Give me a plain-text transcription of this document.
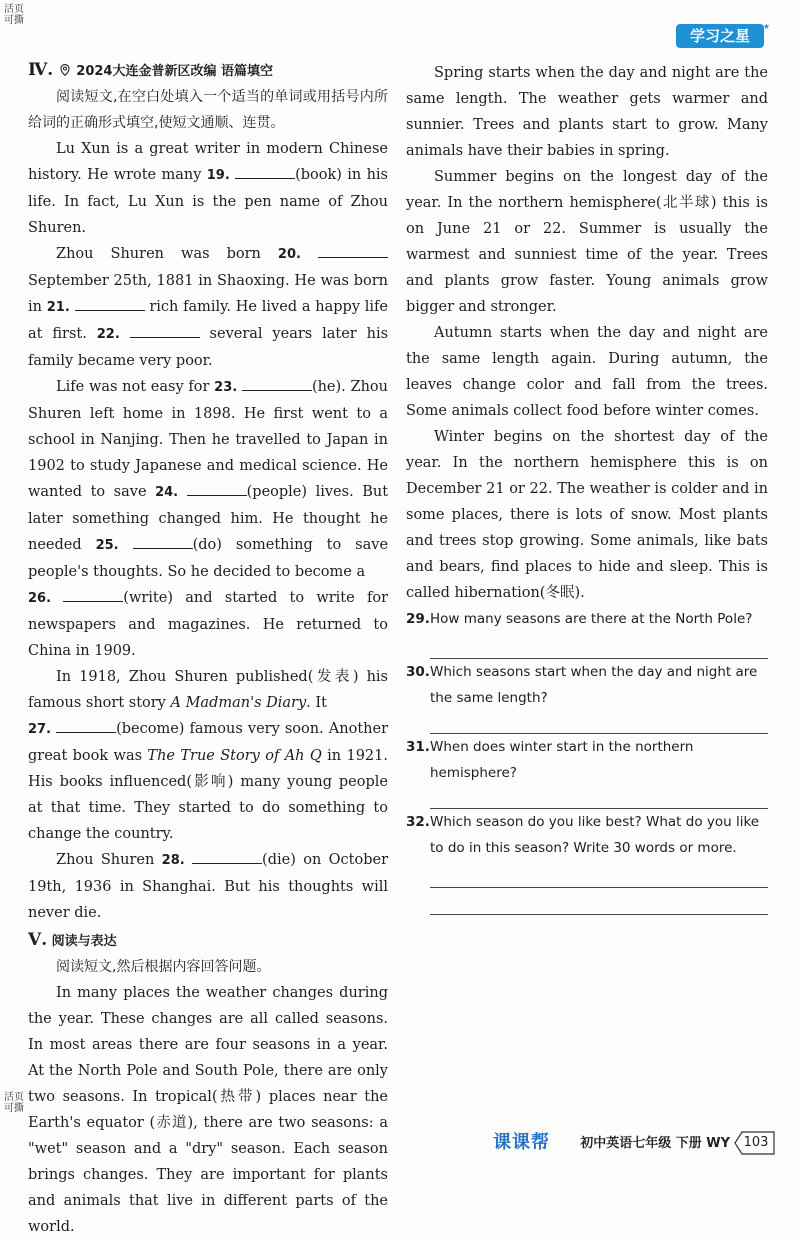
活页可撕
活页可撕
学习之星
★
Ⅳ. 2024大连金普新区改编 语篇填空

阅读短文,在空白处填入一个适当的单词或用括号内所给词的正确形式填空,使短文通顺、连贯。

Lu Xun is a great writer in modern Chinese history. He wrote many 19.	(book) in his life. In fact, Lu Xun is the pen name of Zhou Shuren.

Zhou Shuren was born 20.  September 25th, 1881 in Shaoxing. He was born in 21.	rich family. He lived a happy life at first. 22.	several years later his family became very poor.

Life was not easy for 23.	(he). Zhou Shuren left home in 1898. He first went to a school in Nanjing. Then he travelled to Japan in 1902 to study Japanese and medical science. He wanted to save 24.	(people) lives. But later something changed him. He thought he needed 25.	(do) something to save people's thoughts. So he decided to become a
26.	(write) and started to write for newspapers and magazines. He returned to China in 1909.

In 1918, Zhou Shuren published(发表) his famous short story A Madman's Diary. It
27.	(become) famous very soon. Another great book was The True Story of Ah Q in 1921. His books influenced(影响) many young people at that time. They started to do something to change the country.

Zhou Shuren 28.	(die) on October 19th, 1936 in Shanghai. But his thoughts will never die.

Ⅴ. 阅读与表达

阅读短文,然后根据内容回答问题。

In many places the weather changes during the year. These changes are all called seasons. In most areas there are four seasons in a year. At the North Pole and South Pole, there are only two seasons. In tropical(热带) places near the Earth's equator (赤道), there are two seasons: a "wet" season and a "dry" season. Each season brings changes. They are important for plants and animals that live in different parts of the world.

Spring starts when the day and night are the same length. The weather gets warmer and sunnier. Trees and plants start to grow. Many animals have their babies in spring.

Summer begins on the longest day of the year. In the northern hemisphere(北半球) this is on June 21 or 22. Summer is usually the warmest and sunniest time of the year. Trees and plants grow faster. Young animals grow bigger and stronger.

Autumn starts when the day and night are the same length again. During autumn, the leaves change color and fall from the trees. Some animals collect food before winter comes.

Winter begins on the shortest day of the year. In the northern hemisphere this is on December 21 or 22. The weather is colder and in some places, there is lots of snow. Most plants and trees stop growing. Some animals, like bats and bears, find places to hide and sleep. This is called hibernation(冬眠).

29. How many seasons are there at the North Pole?
30. Which seasons start when the day and night are the same length?
31. When does winter start in the northern hemisphere?
32. Which season do you like best? What do you like to do in this season? Write 30 words or more.
课课帮 初中英语七年级 下册 WY	103
